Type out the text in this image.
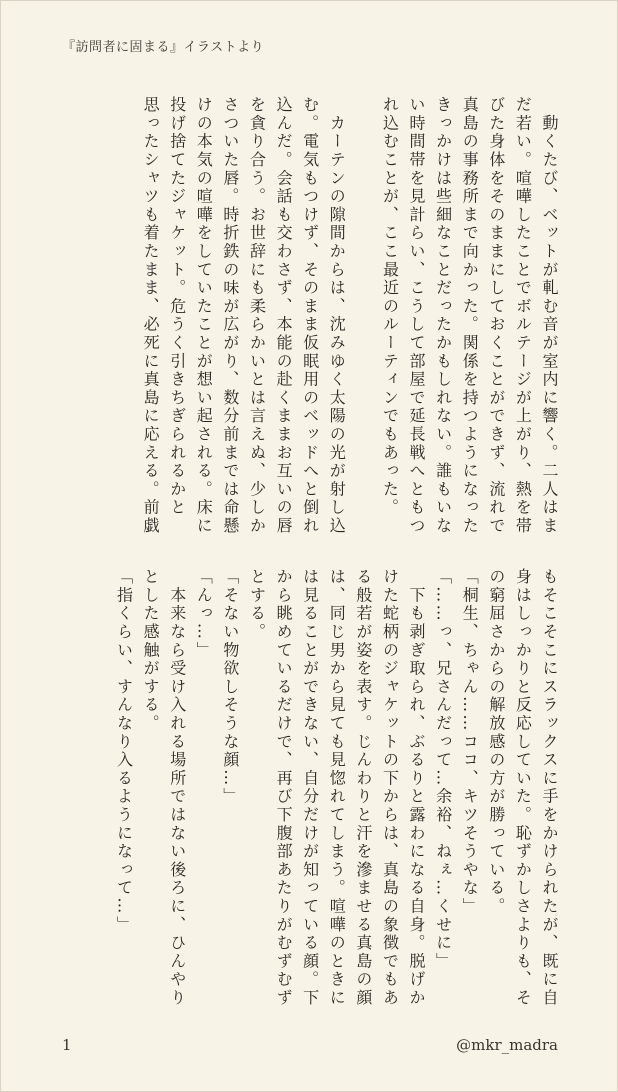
『訪問者に固まる』イラストより

　動くたび、ベットが軋む音が室内に響く。二人はま

だ若い。喧嘩したことでボルテージが上がり、熱を帯

びた身体をそのままにしておくことができず、流れで

真島の事務所まで向かった。関係を持つようになった

きっかけは些細なことだったかもしれない。誰もいな

い時間帯を見計らい、こうして部屋で延長戦へともつ

れ込むことが、ここ最近のルーティンでもあった。

　カーテンの隙間からは、沈みゆく太陽の光が射し込

む。電気もつけず、そのまま仮眠用のベッドへと倒れ

込んだ。会話も交わさず、本能の赴くままお互いの唇

を貪り合う。お世辞にも柔らかいとは言えぬ、少しか

さついた唇。時折鉄の味が広がり、数分前までは命懸

けの本気の喧嘩をしていたことが想い起される。床に

投げ捨てたジャケット。危うく引きちぎられるかと

思ったシャツも着たまま、必死に真島に応える。前戯

もそこそこにスラックスに手をかけられたが、既に自

身はしっかりと反応していた。恥ずかしさよりも、そ

の窮屈さからの解放感の方が勝っている。

「桐生、ちゃん……ココ、キツそうやな」

「……っ、兄さんだって…余裕、ねぇ…くせに」

　下も剥ぎ取られ、ぶるりと露わになる自身。脱げか

けた蛇柄のジャケットの下からは、真島の象徴でもあ

る般若が姿を表す。じんわりと汗を滲ませる真島の顔

は、同じ男から見ても見惚れてしまう。喧嘩のときに

は見ることができない、自分だけが知っている顔。下

から眺めているだけで、再び下腹部あたりがむずむず

とする。

「そない物欲しそうな顔…」

「んっ…」

　本来なら受け入れる場所ではない後ろに、ひんやり

とした感触がする。

「指くらい、すんなり入るようになって…」

1	@mkr_madra
